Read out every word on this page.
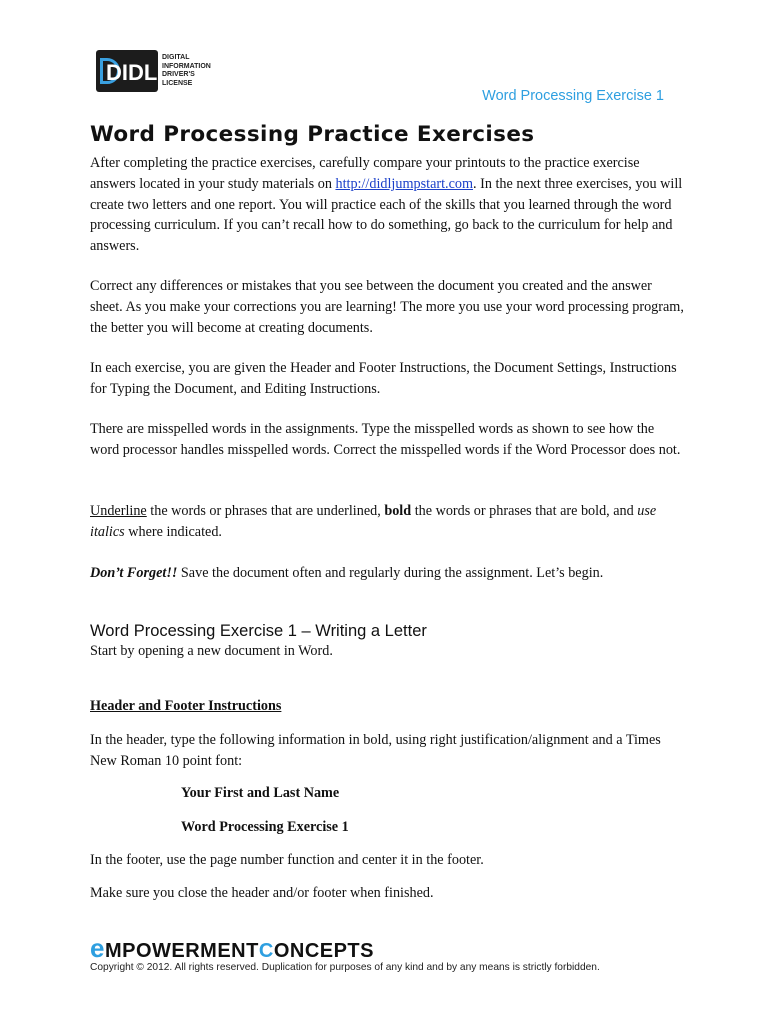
DIDL
DIGITAL
INFORMATION
DRIVER'S
LICENSE
Word Processing Exercise 1
Word Processing Practice Exercises

After completing the practice exercises, carefully compare your printouts to the practice exercise answers located in your study materials on http://didljumpstart.com. In the next three exercises, you will create two letters and one report. You will practice each of the skills that you learned through the word processing curriculum. If you can’t recall how to do something, go back to the curriculum for help and answers.

Correct any differences or mistakes that you see between the document you created and the answer sheet. As you make your corrections you are learning! The more you use your word processing program, the better you will become at creating documents.

In each exercise, you are given the Header and Footer Instructions, the Document Settings, Instructions for Typing the Document, and Editing Instructions.

There are misspelled words in the assignments. Type the misspelled words as shown to see how the word processor handles misspelled words. Correct the misspelled words if the Word Processor does not.

Underline the words or phrases that are underlined, bold the words or phrases that are bold, and use italics where indicated.

Don’t Forget!! Save the document often and regularly during the assignment. Let’s begin.

Word Processing Exercise 1 – Writing a Letter

Start by opening a new document in Word.

Header and Footer Instructions

In the header, type the following information in bold, using right justification/alignment and a Times New Roman 10 point font:

Your First and Last Name

Word Processing Exercise 1

In the footer, use the page number function and center it in the footer.

Make sure you close the header and/or footer when finished.

eMPOWERMENTCONCEPTS
Copyright © 2012. All rights reserved. Duplication for purposes of any kind and by any means is strictly forbidden.
